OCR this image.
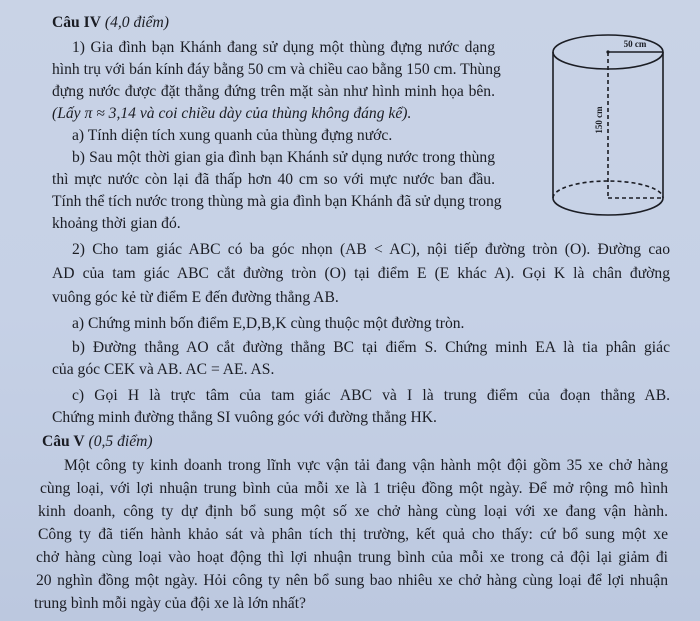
Câu IV (4,0 điểm)
1) Gia đình bạn Khánh đang sử dụng một thùng đựng nước dạng
hình trụ với bán kính đáy bằng 50 cm và chiều cao bằng 150 cm. Thùng
đựng nước được đặt thẳng đứng trên mặt sàn như hình minh họa bên.
(Lấy π ≈ 3,14 và coi chiều dày của thùng không đáng kể).
a) Tính diện tích xung quanh của thùng đựng nước.
b) Sau một thời gian gia đình bạn Khánh sử dụng nước trong thùng
thì mực nước còn lại đã thấp hơn 40 cm so với mực nước ban đầu.
Tính thể tích nước trong thùng mà gia đình bạn Khánh đã sử dụng trong
khoảng thời gian đó.
50 cm
150 cm
2) Cho tam giác ABC có ba góc nhọn (AB < AC), nội tiếp đường tròn (O). Đường cao
AD của tam giác ABC cắt đường tròn (O) tại điểm E (E khác A). Gọi K là chân đường
vuông góc kẻ từ điểm E đến đường thẳng AB.
a) Chứng minh bốn điểm E,D,B,K cùng thuộc một đường tròn.
b) Đường thẳng AO cắt đường thẳng BC tại điểm S. Chứng minh EA là tia phân giác
của góc CEK và AB. AC = AE. AS.
c) Gọi H là trực tâm của tam giác ABC và I là trung điểm của đoạn thẳng AB.
Chứng minh đường thẳng SI vuông góc với đường thẳng HK.
Câu V (0,5 điểm)
Một công ty kinh doanh trong lĩnh vực vận tải đang vận hành một đội gồm 35 xe chở hàng
cùng loại, với lợi nhuận trung bình của mỗi xe là 1 triệu đồng một ngày. Để mở rộng mô hình
kinh doanh, công ty dự định bổ sung một số xe chở hàng cùng loại với xe đang vận hành.
Công ty đã tiến hành khảo sát và phân tích thị trường, kết quả cho thấy: cứ bổ sung một xe
chở hàng cùng loại vào hoạt động thì lợi nhuận trung bình của mỗi xe trong cả đội lại giảm đi
20 nghìn đồng một ngày. Hỏi công ty nên bổ sung bao nhiêu xe chở hàng cùng loại để lợi nhuận
trung bình mỗi ngày của đội xe là lớn nhất?
